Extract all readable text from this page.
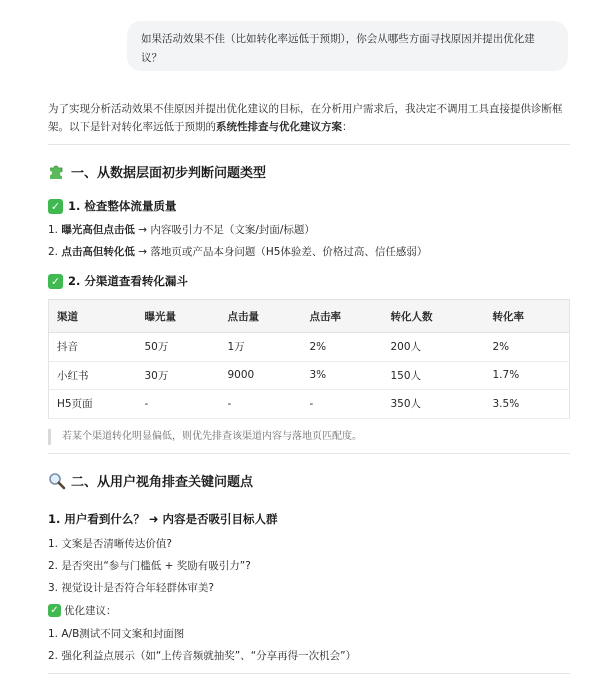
如果活动效果不佳（比如转化率远低于预期），你会从哪些方面寻找原因并提出优化建议？

为了实现分析活动效果不佳原因并提出优化建议的目标，在分析用户需求后，我决定不调用工具直接提供诊断框架。以下是针对转化率远低于预期的系统性排查与优化建议方案：

一、从数据层面初步判断问题类型
✓ 1. 检查整体流量质量
1. 曝光高但点击低 → 内容吸引力不足（文案/封面/标题）
2. 点击高但转化低 → 落地页或产品本身问题（H5体验差、价格过高、信任感弱）
✓ 2. 分渠道查看转化漏斗
渠道	曝光量	点击量	点击率	转化人数	转化率
抖音	50万	1万	2%	200人	2%
小红书	30万	9000	3%	150人	1.7%
H5页面	-	-	-	350人	3.5%
若某个渠道转化明显偏低，则优先排查该渠道内容与落地页匹配度。
二、从用户视角排查关键问题点
1. 用户看到什么？ ➜ 内容是否吸引目标人群
1. 文案是否清晰传达价值?
2. 是否突出“参与门槛低 + 奖励有吸引力”?
3. 视觉设计是否符合年轻群体审美?
✓ 优化建议：
1. A/B测试不同文案和封面图
2. 强化利益点展示（如“上传音频就抽奖”、“分享再得一次机会”）
